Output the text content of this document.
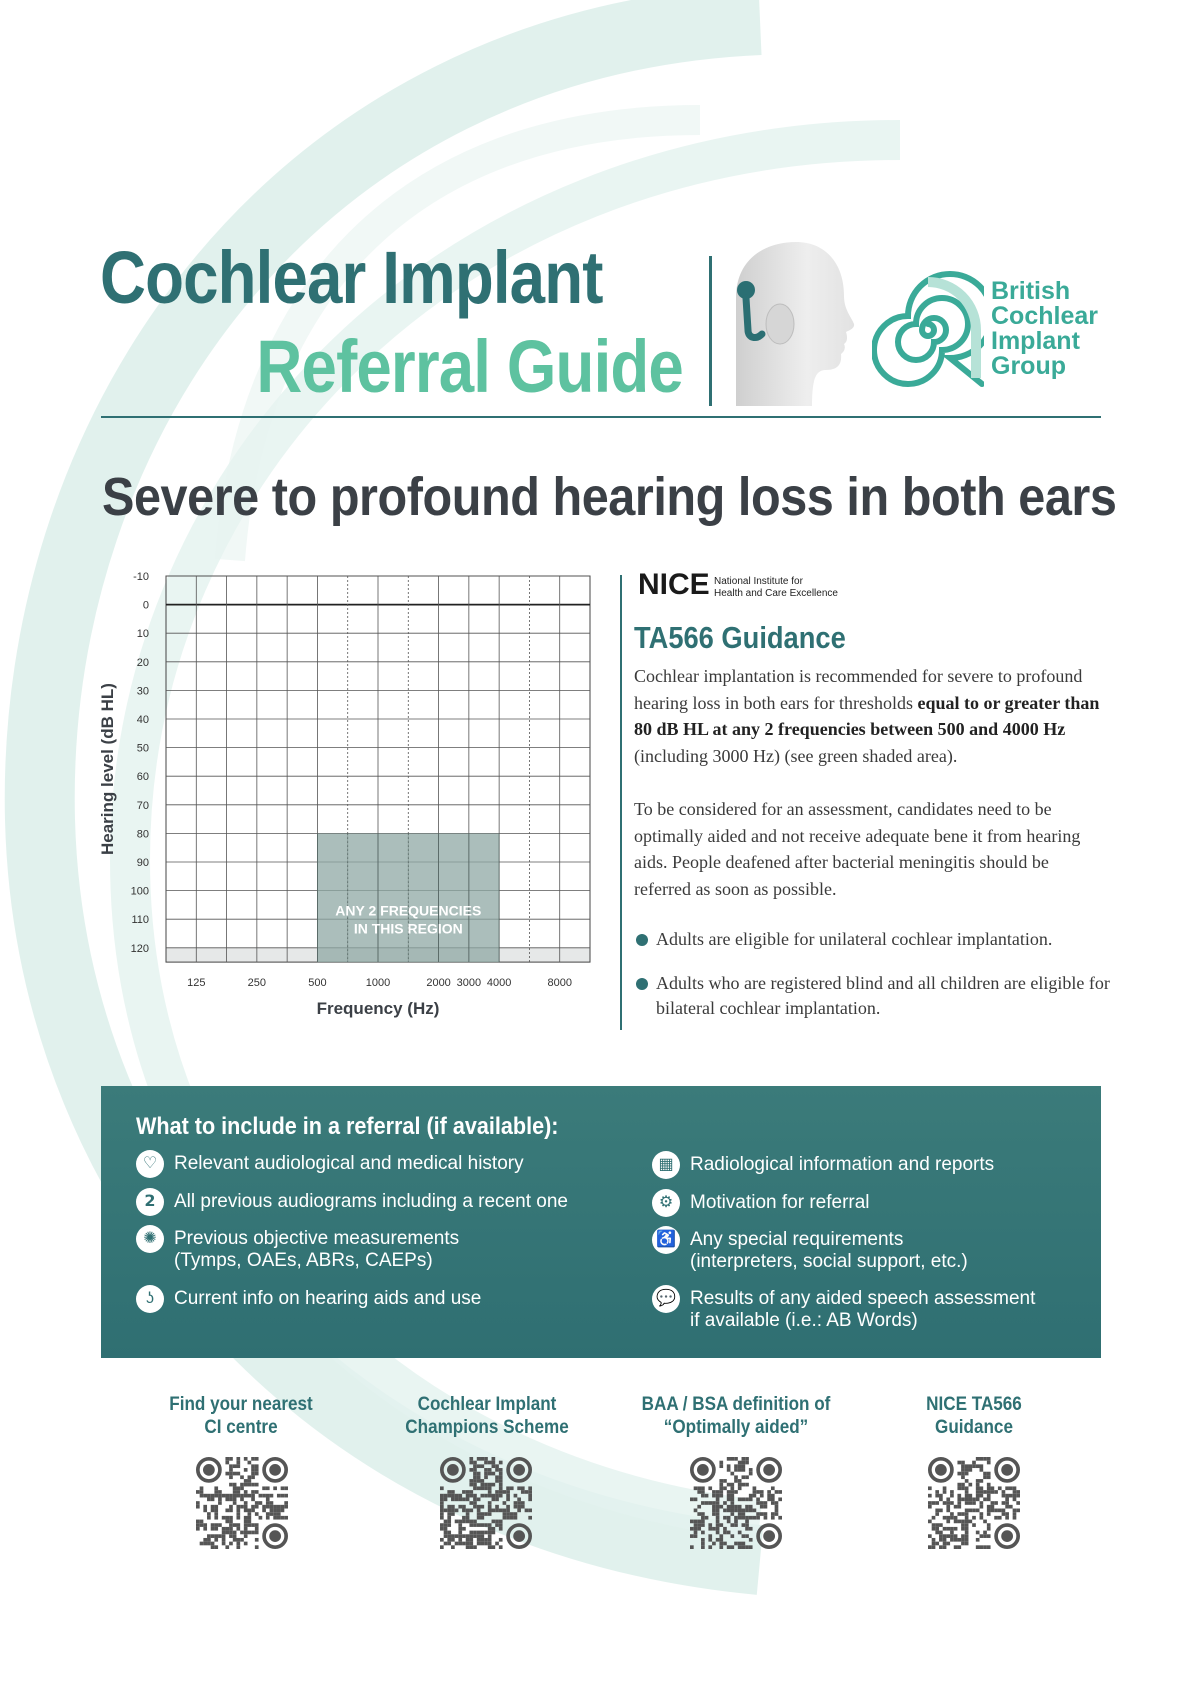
Cochlear Implant
Referral Guide
British
Cochlear
Implant
Group
Severe to profound hearing loss in both ears
-10
0
10
20
30
40
50
60
70
80
90
100
110
120
ANY 2 FREQUENCIES
IN THIS REGION
125	250	500	1000	2000 3000 4000	8000
Frequency (Hz)
Hearing level (dB HL)
NICE National Institute for
Health and Care Excellence
TA566 Guidance
Cochlear implantation is recommended for severe to profound hearing loss in both ears for thresholds equal to or greater than 80 dB HL at any 2 frequencies between 500 and 4000 Hz (including 3000 Hz) (see green shaded area).
To be considered for an assessment, candidates need to be optimally aided and not receive adequate bene it from hearing aids. People deafened after bacterial meningitis should be referred as soon as possible.
Adults are eligible for unilateral cochlear implantation.
Adults who are registered blind and all children are eligible for bilateral cochlear implantation.
What to include in a referral (if available):
♡ Relevant audiological and medical history
𝟮 All previous audiograms including a recent one
✺ Previous objective measurements
(Tymps, OAEs, ABRs, CAEPs)
ʖ	Current info on hearing aids and use
▦ Radiological information and reports
⚙ Motivation for referral
♿ Any special requirements
(interpreters, social support, etc.)
💬 Results of any aided speech assessment
if available (i.e.: AB Words)
Find your nearest
CI centre
Cochlear Implant
Champions Scheme
BAA / BSA definition of
“Optimally aided”
NICE TA566
Guidance
